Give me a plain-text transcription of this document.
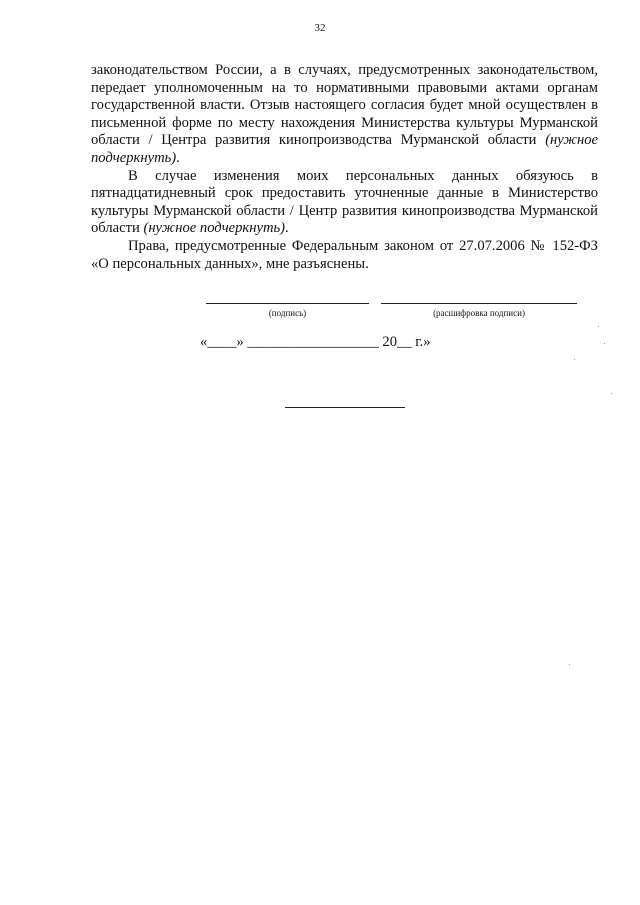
32

законодательством России, а в случаях, предусмотренных законодательством, передает уполномоченным на то нормативными правовыми актами органам государственной власти. Отзыв настоящего согласия будет мной осуществлен в письменной форме по месту нахождения Министерства культуры Мурманской области / Центра развития кинопроизводства Мурманской области (нужное подчеркнуть).

В случае изменения моих персональных данных обязуюсь в пятнадцатидневный срок предоставить уточненные данные в Министерство культуры Мурманской области / Центр развития кинопроизводства Мурманской области (нужное подчеркнуть).

Права, предусмотренные Федеральным законом от 27.07.2006 № 152-ФЗ «О персональных данных», мне разъяснены.

(подпись)	(расшифровка подписи)
«____» __________________ 20__ г.»
